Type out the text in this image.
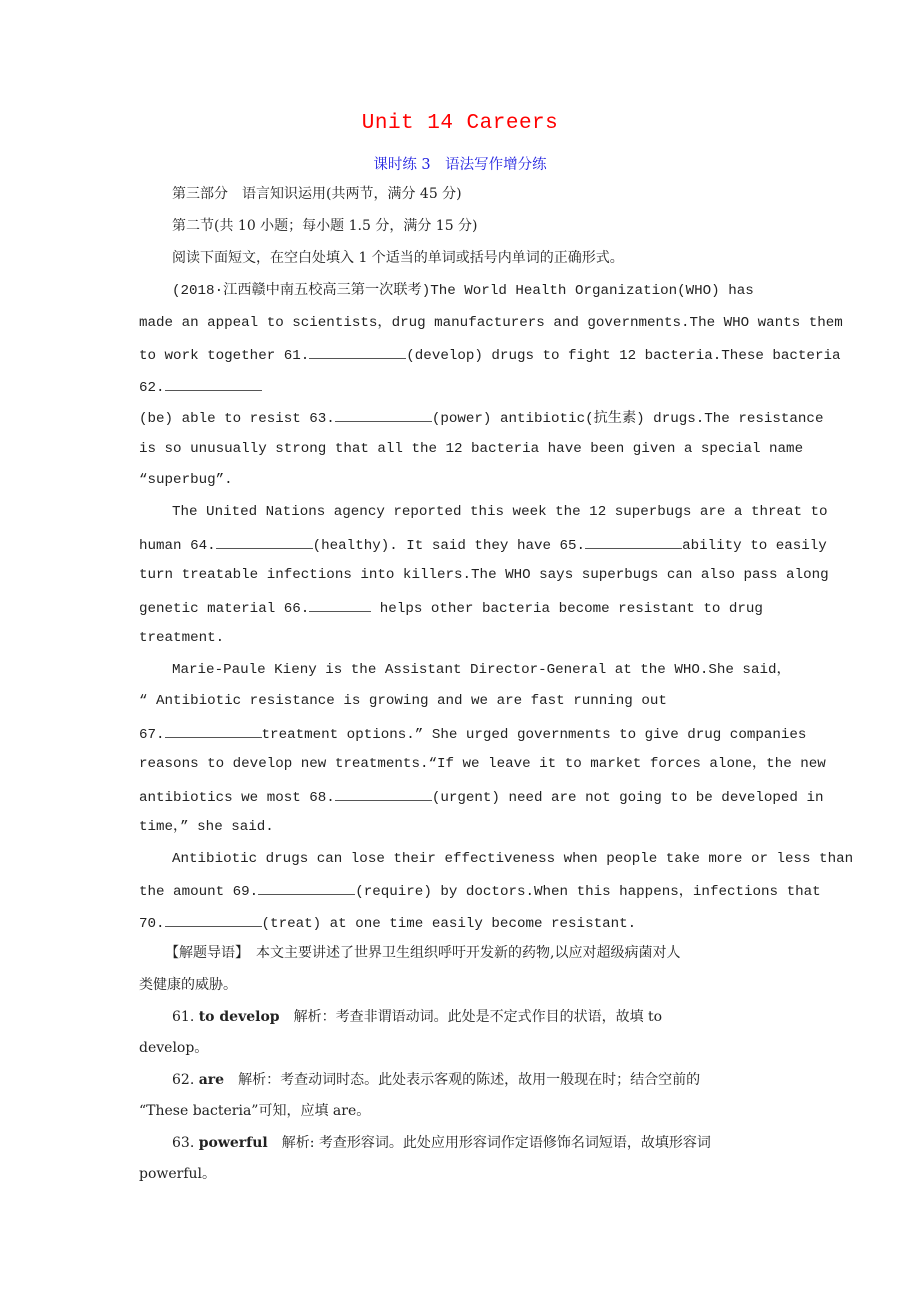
Unit 14 Careers
课时练 3　语法写作增分练
第三部分　语言知识运用(共两节，满分 45 分)
第二节(共 10 小题；每小题 1.5 分，满分 15 分)
阅读下面短文，在空白处填入 1 个适当的单词或括号内单词的正确形式。
(2018·江西赣中南五校高三第一次联考)The World Health Organization(WHO) has
made an appeal to scientists，drug manufacturers and governments.The WHO wants them
to work together 61.	(develop) drugs to fight 12 bacteria.These bacteria
62.
(be) able to resist 63.	(power) antibiotic(抗生素) drugs.The resistance
is so unusually strong that all the 12 bacteria have been given a special name
“superbug”.
The United Nations agency reported this week the 12 superbugs are a threat to
human 64.	(healthy). It said they have 65.	ability to easily
turn treatable infections into killers.The WHO says superbugs can also pass along
genetic material 66.	helps other bacteria become resistant to drug
treatment.
Marie-Paule Kieny is the Assistant Director-General at the WHO.She said，
“ Antibiotic resistance is growing and we are fast running out
67.	treatment options.” She urged governments to give drug companies
reasons to develop new treatments.“If we leave it to market forces alone，the new
antibiotics we most 68.	(urgent) need are not going to be developed in
time，” she said.
Antibiotic drugs can lose their effectiveness when people take more or less than
the amount 69.	(require) by doctors.When this happens，infections that
70.	(treat) at one time easily become resistant.
【解题导语】　 本文主要讲述了世界卫生组织呼吁开发新的药物,以应对超级病菌对人
类健康的威胁。
61. to develop　 解析：考查非谓语动词。此处是不定式作目的状语，故填 to
develop。
62. are　 解析：考查动词时态。此处表示客观的陈述，故用一般现在时；结合空前的
“These bacteria”可知，应填 are。
63. powerful　 解析: 考查形容词。此处应用形容词作定语修饰名词短语，故填形容词
powerful。
